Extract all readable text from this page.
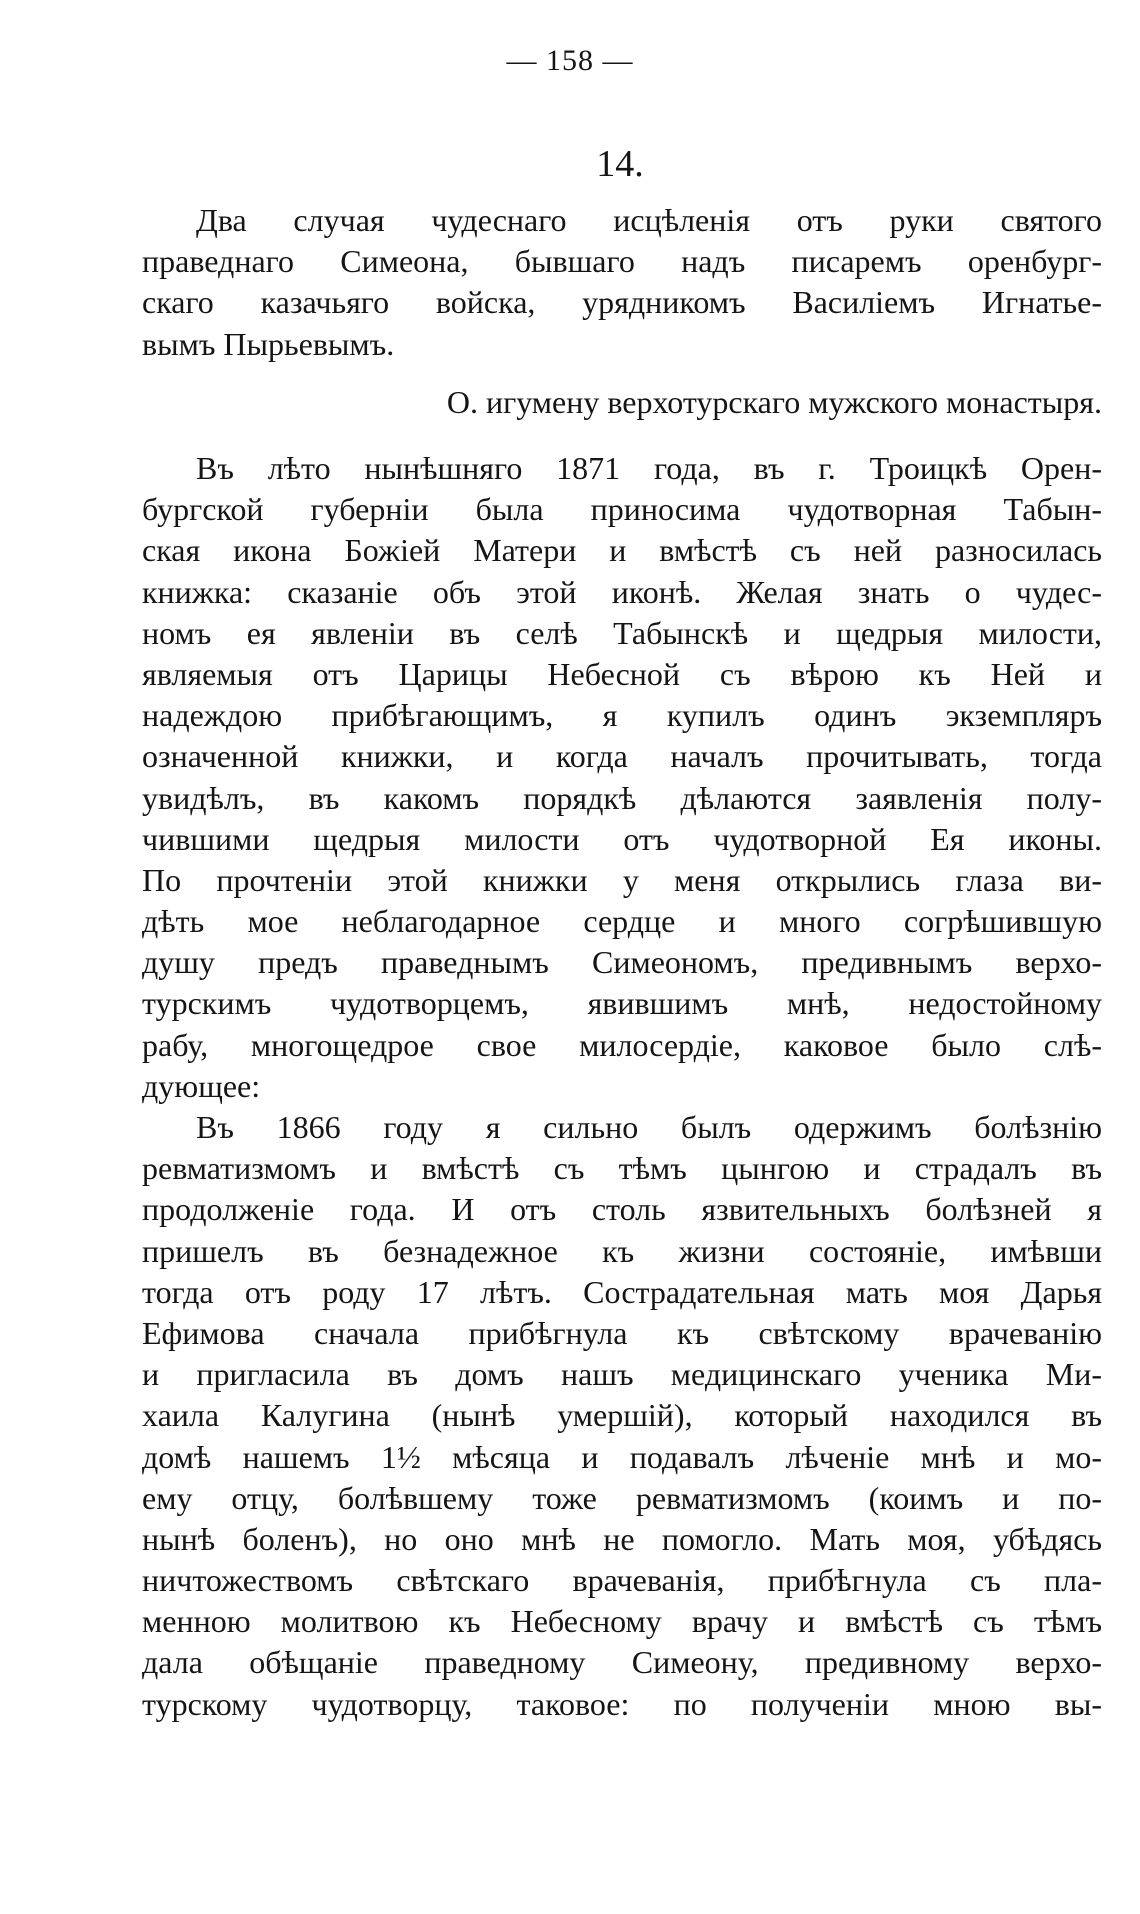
— 158 —
14.
Два случая чудеснаго исцѣленія отъ руки святого
праведнаго Симеона, бывшаго надъ писаремъ оренбург-
скаго казачьяго войска, урядникомъ Василіемъ Игнатье-
вымъ Пырьевымъ.
О. игумену верхотурскаго мужского монастыря.
Въ лѣто нынѣшняго 1871 года, въ г. Троицкѣ Орен-
бургской губерніи была приносима чудотворная Табын-
ская икона Божіей Матери и вмѣстѣ съ ней разносилась
книжка: сказаніе объ этой иконѣ. Желая знать о чудес-
номъ ея явленіи въ селѣ Табынскѣ и щедрыя милости,
являемыя отъ Царицы Небесной съ вѣрою къ Ней и
надеждою прибѣгающимъ, я купилъ одинъ экземпляръ
означенной книжки, и когда началъ прочитывать, тогда
увидѣлъ, въ какомъ порядкѣ дѣлаются заявленія полу-
чившими щедрыя милости отъ чудотворной Ея иконы.
По прочтеніи этой книжки у меня открылись глаза ви-
дѣть мое неблагодарное сердце и много согрѣшившую
душу предъ праведнымъ Симеономъ, предивнымъ верхо-
турскимъ чудотворцемъ, явившимъ мнѣ, недостойному
рабу, многощедрое свое милосердіе, каковое было слѣ-
дующее:
Въ 1866 году я сильно былъ одержимъ болѣзнію
ревматизмомъ и вмѣстѣ съ тѣмъ цынгою и страдалъ въ
продолженіе года. И отъ столь язвительныхъ болѣзней я
пришелъ въ безнадежное къ жизни состояніе, имѣвши
тогда отъ роду 17 лѣтъ. Сострадательная мать моя Дарья
Ефимова сначала прибѣгнула къ свѣтскому врачеванію
и пригласила въ домъ нашъ медицинскаго ученика Ми-
хаила Калугина (нынѣ умершій), который находился въ
домѣ нашемъ 1½ мѣсяца и подавалъ лѣченіе мнѣ и мо-
ему отцу, болѣвшему тоже ревматизмомъ (коимъ и по-
нынѣ боленъ), но оно мнѣ не помогло. Мать моя, убѣдясь
ничтожествомъ свѣтскаго врачеванія, прибѣгнула съ пла-
менною молитвою къ Небесному врачу и вмѣстѣ съ тѣмъ
дала обѣщаніе праведному Симеону, предивному верхо-
турскому чудотворцу, таковое: по полученіи мною вы-
